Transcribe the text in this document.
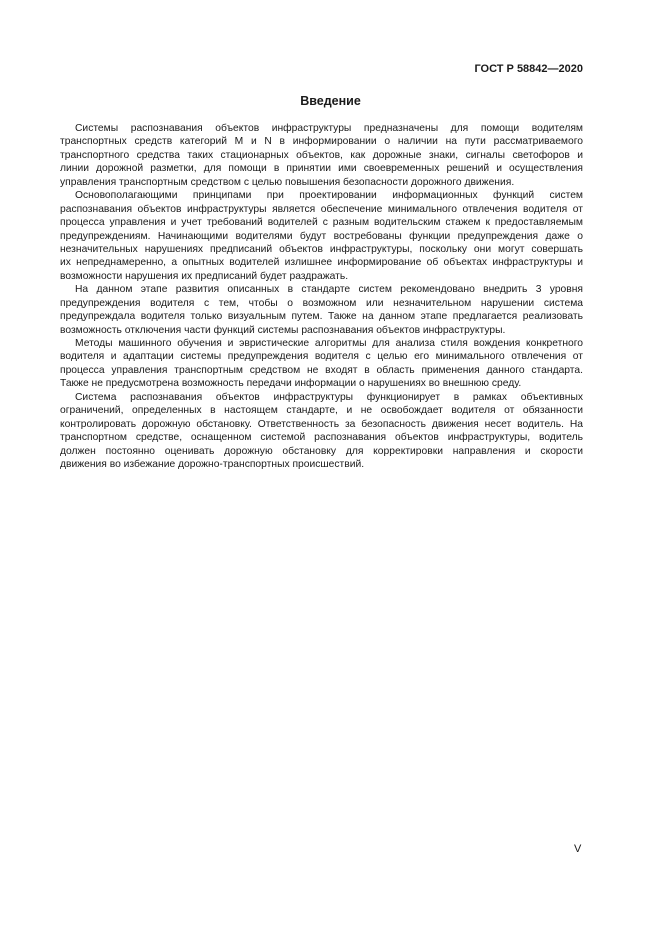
ГОСТ Р 58842—2020
Введение
Системы распознавания объектов инфраструктуры предназначены для помощи водителям
транспортных средств категорий M и N в информировании о наличии на пути рассматриваемого
транспортного средства таких стационарных объектов, как дорожные знаки, сигналы светофоров и
линии дорожной разметки, для помощи в принятии ими своевременных решений и осуществления
управления транспортным средством с целью повышения безопасности дорожного движения.
Основополагающими принципами при проектировании информационных функций систем
распознавания объектов инфраструктуры является обеспечение минимального отвлечения водителя от
процесса управления и учет требований водителей с разным водительским стажем к предоставляемым
предупреждениям. Начинающими водителями будут востребованы функции предупреждения даже о
незначительных нарушениях предписаний объектов инфраструктуры, поскольку они могут совершать
их непреднамеренно, а опытных водителей излишнее информирование об объектах инфраструктуры и
возможности нарушения их предписаний будет раздражать.
На данном этапе развития описанных в стандарте систем рекомендовано внедрить 3 уровня
предупреждения водителя с тем, чтобы о возможном или незначительном нарушении система
предупреждала водителя только визуальным путем. Также на данном этапе предлагается реализовать
возможность отключения части функций системы распознавания объектов инфраструктуры.
Методы машинного обучения и эвристические алгоритмы для анализа стиля вождения конкретного
водителя и адаптации системы предупреждения водителя с целью его минимального отвлечения от
процесса управления транспортным средством не входят в область применения данного стандарта.
Также не предусмотрена возможность передачи информации о нарушениях во внешнюю среду.
Система распознавания объектов инфраструктуры функционирует в рамках объективных
ограничений, определенных в настоящем стандарте, и не освобождает водителя от обязанности
контролировать дорожную обстановку. Ответственность за безопасность движения несет водитель. На
транспортном средстве, оснащенном системой распознавания объектов инфраструктуры, водитель
должен постоянно оценивать дорожную обстановку для корректировки направления и скорости
движения во избежание дорожно-транспортных происшествий.
V
